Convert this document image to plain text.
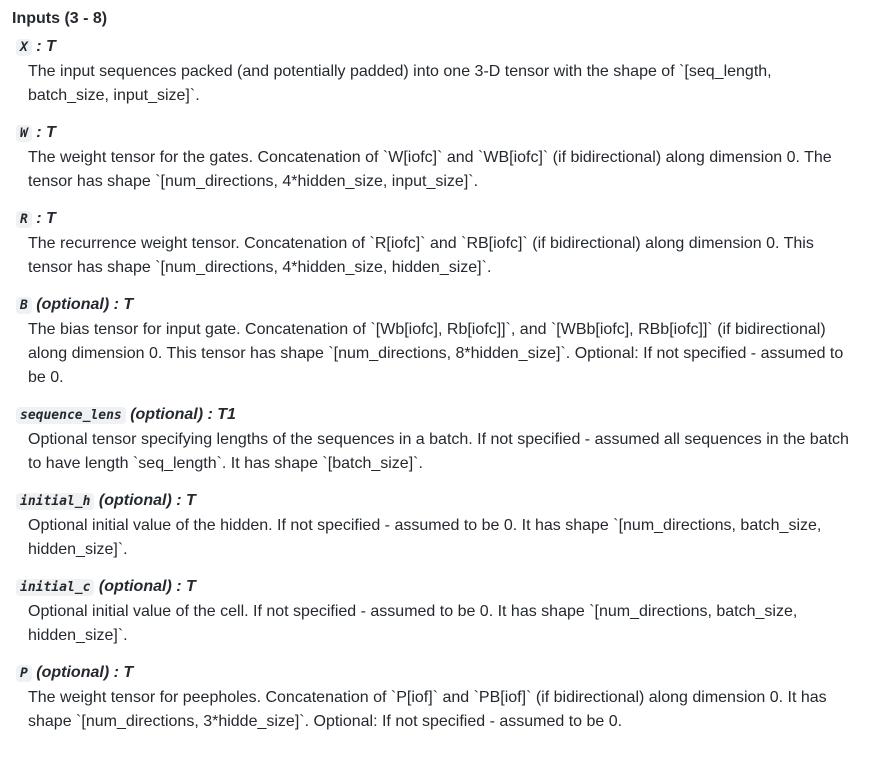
Inputs (3 - 8)
X : T
The input sequences packed (and potentially padded) into one 3-D tensor with the shape of `[seq_length, batch_size, input_size]`.
W : T
The weight tensor for the gates. Concatenation of `W[iofc]` and `WB[iofc]` (if bidirectional) along dimension 0. The tensor has shape `[num_directions, 4*hidden_size, input_size]`.
R : T
The recurrence weight tensor. Concatenation of `R[iofc]` and `RB[iofc]` (if bidirectional) along dimension 0. This tensor has shape `[num_directions, 4*hidden_size, hidden_size]`.
B (optional) : T
The bias tensor for input gate. Concatenation of `[Wb[iofc], Rb[iofc]]`, and `[WBb[iofc], RBb[iofc]]` (if bidirectional) along dimension 0. This tensor has shape `[num_directions, 8*hidden_size]`. Optional: If not specified - assumed to be 0.
sequence_lens (optional) : T1
Optional tensor specifying lengths of the sequences in a batch. If not specified - assumed all sequences in the batch to have length `seq_length`. It has shape `[batch_size]`.
initial_h (optional) : T
Optional initial value of the hidden. If not specified - assumed to be 0. It has shape `[num_directions, batch_size, hidden_size]`.
initial_c (optional) : T
Optional initial value of the cell. If not specified - assumed to be 0. It has shape `[num_directions, batch_size, hidden_size]`.
P (optional) : T
The weight tensor for peepholes. Concatenation of `P[iof]` and `PB[iof]` (if bidirectional) along dimension 0. It has shape `[num_directions, 3*hidde_size]`. Optional: If not specified - assumed to be 0.
